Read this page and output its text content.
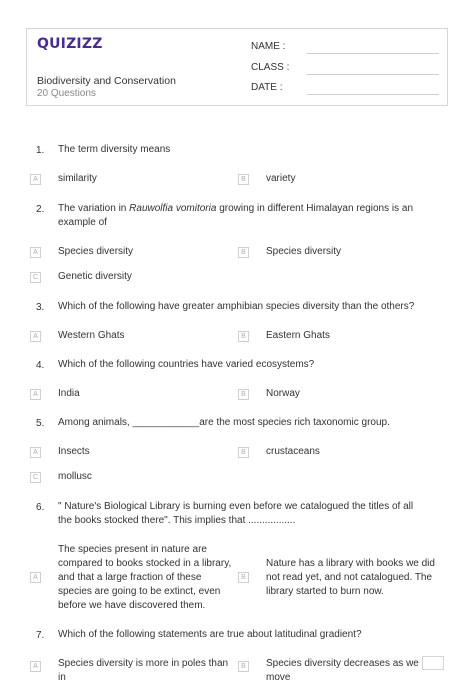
QUIZIZZ
Biodiversity and Conservation
20 Questions
NAME :
CLASS :
DATE :
1. The term diversity means
A	similarity	B	variety
2. The variation in Rauwolfia vomitoria growing in different Himalayan regions is an example of
A	Species diversity	B	Species diversity
C Genetic diversity
3. Which of the following have greater amphibian species diversity than the others?
A	Western Ghats	B	Eastern Ghats
4. Which of the following countries have varied ecosystems?
A	India	B	Norway
5. Among animals, ____________are the most species rich taxonomic group.
A	Insects	B	crustaceans
C mollusc
6. " Nature's Biological Library is burning even before we catalogued the titles of all the books stocked there". This implies that .................
A
The species present in nature are compared to books stocked in a library, and that a large fraction of these species are going to be extinct, even before we have discovered them.
B
Nature has a library with books we did not read yet, and not catalogued. The library started to burn now.
7. Which of the following statements are true about latitudinal gradient?
A	Species diversity is more in poles than in
B	Species diversity decreases as we move
